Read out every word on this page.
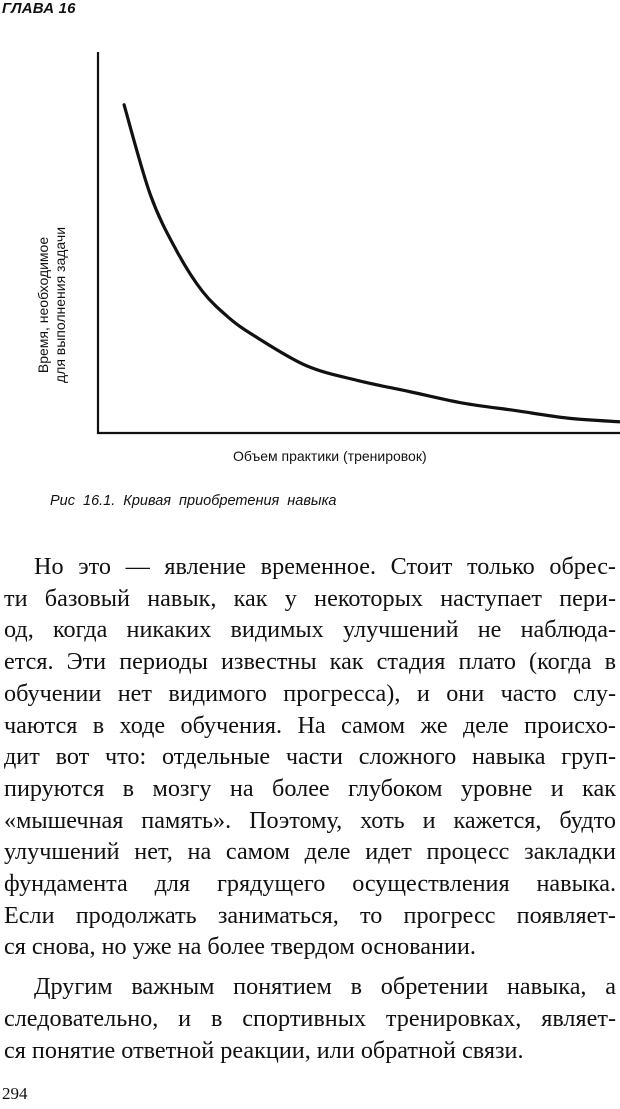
ГЛАВА 16
Время, необходимое для выполнения задачи
Объем практики (тренировок)
Рис 16.1. Кривая приобретения навыка

Но это — явление временное. Стоит только обрес-
ти базовый навык, как у некоторых наступает пери-
од, когда никаких видимых улучшений не наблюда-
ется. Эти периоды известны как стадия плато (когда в
обучении нет видимого прогресса), и они часто слу-
чаются в ходе обучения. На самом же деле происхо-
дит вот что: отдельные части сложного навыка груп-
пируются в мозгу на более глубоком уровне и как
«мышечная память». Поэтому, хоть и кажется, будто
улучшений нет, на самом деле идет процесс закладки
фундамента для грядущего осуществления навыка.
Если продолжать заниматься, то прогресс появляет-
ся снова, но уже на более твердом основании.

Другим важным понятием в обретении навыка, а
следовательно, и в спортивных тренировках, являет-
ся понятие ответной реакции, или обратной связи.

294
